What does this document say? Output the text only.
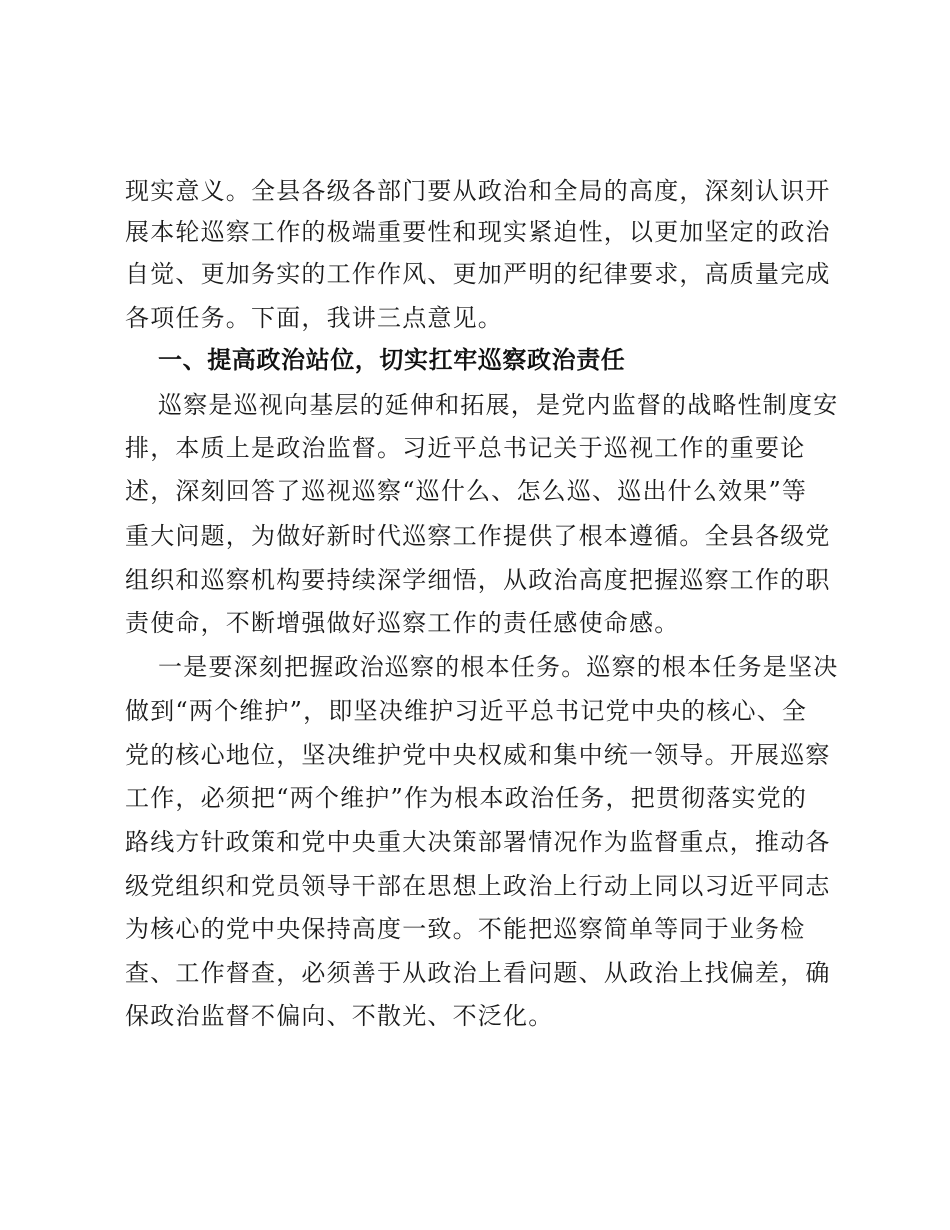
现实意义。全县各级各部门要从政治和全局的高度，深刻认识开
展本轮巡察工作的极端重要性和现实紧迫性，以更加坚定的政治
自觉、更加务实的工作作风、更加严明的纪律要求，高质量完成
各项任务。下面，我讲三点意见。
一、提高政治站位，切实扛牢巡察政治责任
巡察是巡视向基层的延伸和拓展，是党内监督的战略性制度安
排，本质上是政治监督。习近平总书记关于巡视工作的重要论
述，深刻回答了巡视巡察“巡什么、怎么巡、巡出什么效果”等
重大问题，为做好新时代巡察工作提供了根本遵循。全县各级党
组织和巡察机构要持续深学细悟，从政治高度把握巡察工作的职
责使命，不断增强做好巡察工作的责任感使命感。
一是要深刻把握政治巡察的根本任务。巡察的根本任务是坚决
做到“两个维护”，即坚决维护习近平总书记党中央的核心、全
党的核心地位，坚决维护党中央权威和集中统一领导。开展巡察
工作，必须把“两个维护”作为根本政治任务，把贯彻落实党的
路线方针政策和党中央重大决策部署情况作为监督重点，推动各
级党组织和党员领导干部在思想上政治上行动上同以习近平同志
为核心的党中央保持高度一致。不能把巡察简单等同于业务检
查、工作督查，必须善于从政治上看问题、从政治上找偏差，确
保政治监督不偏向、不散光、不泛化。
